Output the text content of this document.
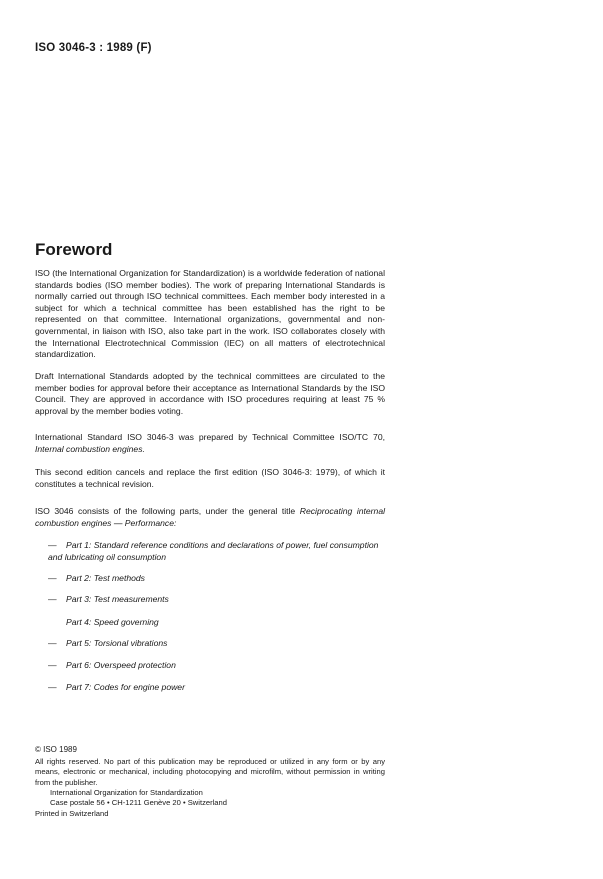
ISO 3046-3 : 1989 (F)
Foreword
ISO (the International Organization for Standardization) is a worldwide federation of national standards bodies (ISO member bodies). The work of preparing International Standards is normally carried out through ISO technical committees. Each member body interested in a subject for which a technical committee has been established has the right to be represented on that committee. International organizations, governmental and non-governmental, in liaison with ISO, also take part in the work. ISO collaborates closely with the International Electrotechnical Commission (IEC) on all matters of electrotechnical standardization.
Draft International Standards adopted by the technical committees are circulated to the member bodies for approval before their acceptance as International Standards by the ISO Council. They are approved in accordance with ISO procedures requiring at least 75 % approval by the member bodies voting.
International Standard ISO 3046-3 was prepared by Technical Committee ISO/TC 70, Internal combustion engines.
This second edition cancels and replace the first edition (ISO 3046-3: 1979), of which it constitutes a technical revision.
ISO 3046 consists of the following parts, under the general title Reciprocating internal combustion engines — Performance:
— Part 1: Standard reference conditions and declarations of power, fuel consumption and lubricating oil consumption
— Part 2: Test methods
— Part 3: Test measurements
Part 4: Speed governing
— Part 5: Torsional vibrations
— Part 6: Overspeed protection
— Part 7: Codes for engine power
© ISO 1989
All rights reserved. No part of this publication may be reproduced or utilized in any form or by any means, electronic or mechanical, including photocopying and microfilm, without permission in writing from the publisher.
International Organization for Standardization
Case postale 56 • CH-1211 Genève 20 • Switzerland
Printed in Switzerland
